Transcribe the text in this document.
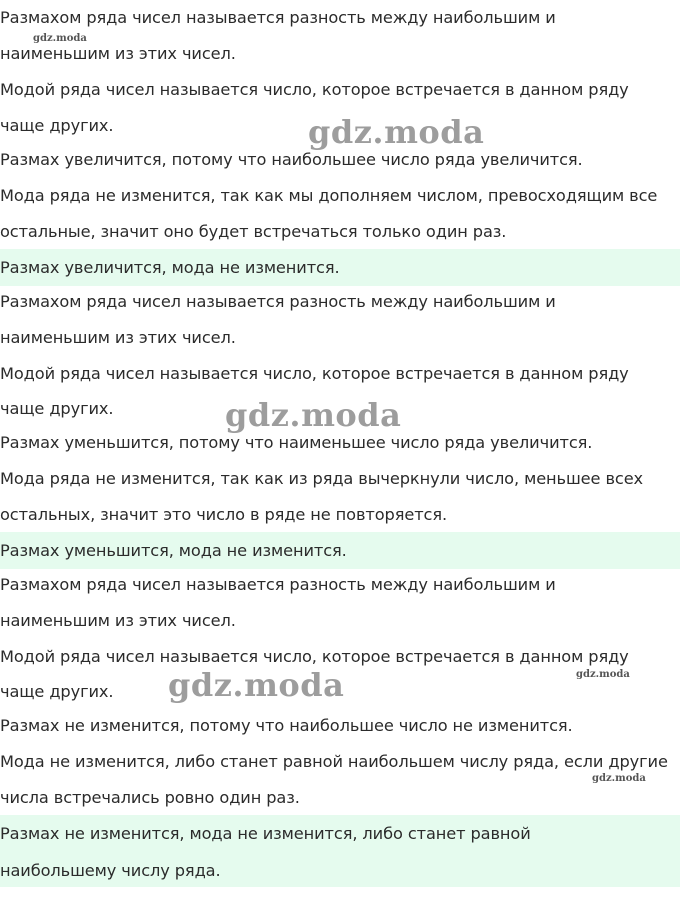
Размахом ряда чисел называется разность между наибольшим и
наименьшим из этих чисел.
Модой ряда чисел называется число, которое встречается в данном ряду
чаще других.
Размах увеличится, потому что наибольшее число ряда увеличится.
Мода ряда не изменится, так как мы дополняем числом, превосходящим все
остальные, значит оно будет встречаться только один раз.
Размах увеличится, мода не изменится.
Размахом ряда чисел называется разность между наибольшим и
наименьшим из этих чисел.
Модой ряда чисел называется число, которое встречается в данном ряду
чаще других.
Размах уменьшится, потому что наименьшее число ряда увеличится.
Мода ряда не изменится, так как из ряда вычеркнули число, меньшее всех
остальных, значит это число в ряде не повторяется.
Размах уменьшится, мода не изменится.
Размахом ряда чисел называется разность между наибольшим и
наименьшим из этих чисел.
Модой ряда чисел называется число, которое встречается в данном ряду
чаще других.
Размах не изменится, потому что наибольшее число не изменится.
Мода не изменится, либо станет равной наибольшем числу ряда, если другие
числа встречались ровно один раз.
Размах не изменится, мода не изменится, либо станет равной
наибольшему числу ряда.
gdz.moda
gdz.moda
gdz.moda
gdz.moda	gdz.moda
gdz.moda
